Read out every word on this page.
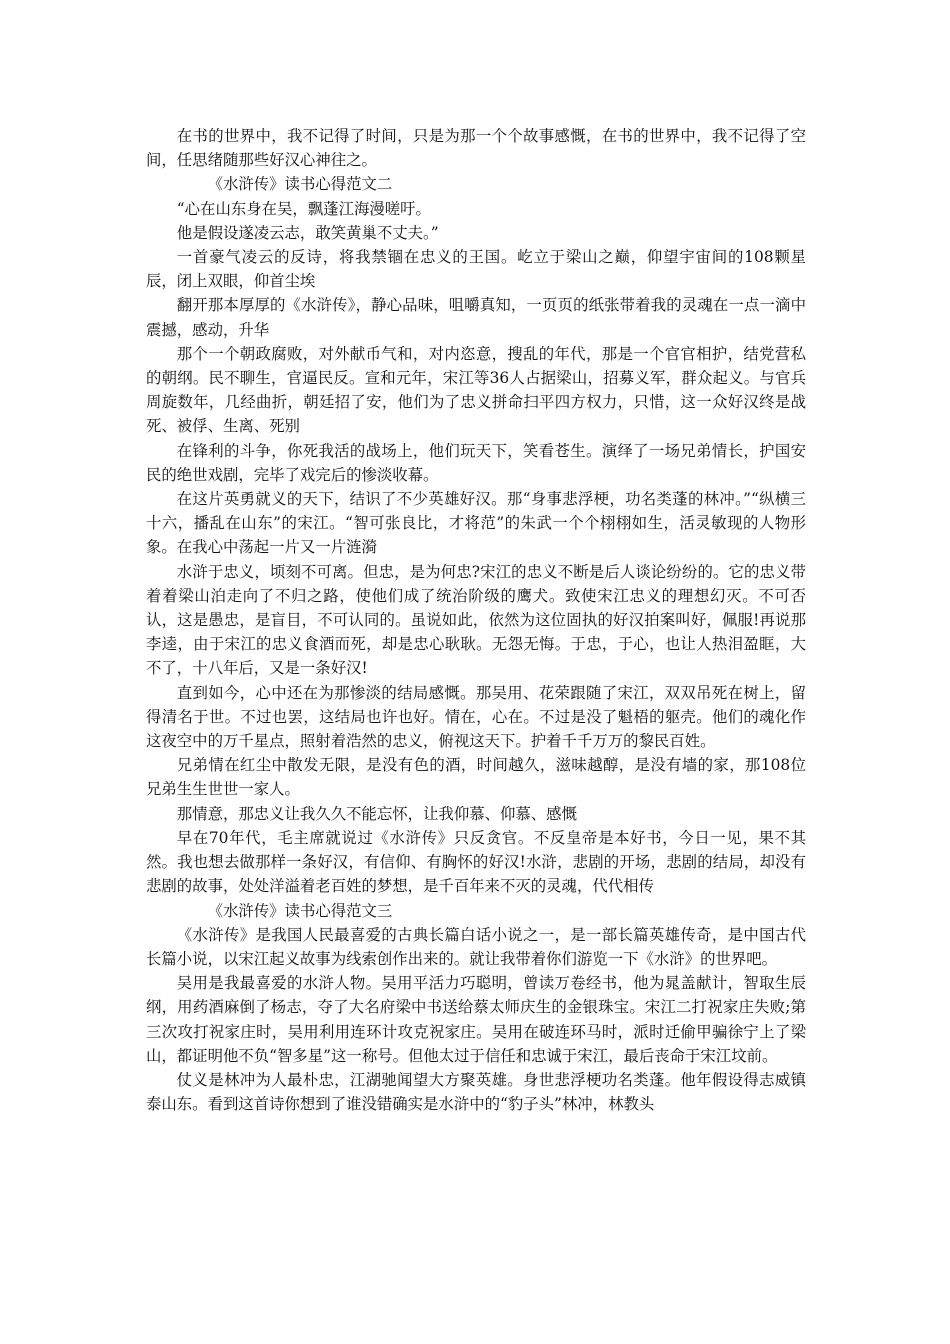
在书的世界中，我不记得了时间，只是为那一个个故事感慨，在书的世界中，我不记得了空间，任思绪随那些好汉心神往之。

《水浒传》读书心得范文二

“心在山东身在吴，飘蓬江海漫嗟吁。

他是假设遂凌云志，敢笑黄巢不丈夫。”

一首豪气凌云的反诗，将我禁锢在忠义的王国。屹立于梁山之巅，仰望宇宙间的108颗星辰，闭上双眼，仰首尘埃

翻开那本厚厚的《水浒传》，静心品味，咀嚼真知，一页页的纸张带着我的灵魂在一点一滴中震撼，感动，升华

那个一个朝政腐败，对外献币气和，对内恣意，搜乱的年代，那是一个官官相护，结党营私的朝纲。民不聊生，官逼民反。宣和元年，宋江等36人占据梁山，招募义军，群众起义。与官兵周旋数年，几经曲折，朝廷招了安，他们为了忠义拼命扫平四方权力，只惜，这一众好汉终是战死、被俘、生离、死别

在锋利的斗争，你死我活的战场上，他们玩天下，笑看苍生。演绎了一场兄弟情长，护国安民的绝世戏剧，完毕了戏完后的惨淡收幕。

在这片英勇就义的天下，结识了不少英雄好汉。那“身事悲浮梗，功名类蓬的林冲。”“纵横三十六，播乱在山东”的宋江。“智可张良比，才将范”的朱武一个个栩栩如生，活灵敏现的人物形象。在我心中荡起一片又一片涟漪

水浒于忠义，顷刻不可离。但忠，是为何忠?宋江的忠义不断是后人谈论纷纷的。它的忠义带着着梁山泊走向了不归之路，使他们成了统治阶级的鹰犬。致使宋江忠义的理想幻灭。不可否认，这是愚忠，是盲目，不可认同的。虽说如此，依然为这位固执的好汉拍案叫好，佩服!再说那李逵，由于宋江的忠义食酒而死，却是忠心耿耿。无怨无悔。于忠，于心，也让人热泪盈眶，大不了，十八年后，又是一条好汉!

直到如今，心中还在为那惨淡的结局感慨。那吴用、花荣跟随了宋江，双双吊死在树上，留得清名于世。不过也罢，这结局也许也好。情在，心在。不过是没了魁梧的躯壳。他们的魂化作这夜空中的万千星点，照射着浩然的忠义，俯视这天下。护着千千万万的黎民百姓。

兄弟情在红尘中散发无限，是没有色的酒，时间越久，滋味越醇，是没有墙的家，那108位兄弟生生世世一家人。

那情意，那忠义让我久久不能忘怀，让我仰慕、仰慕、感慨

早在70年代，毛主席就说过《水浒传》只反贪官。不反皇帝是本好书，今日一见，果不其然。我也想去做那样一条好汉，有信仰、有胸怀的好汉!水浒，悲剧的开场，悲剧的结局，却没有悲剧的故事，处处洋溢着老百姓的梦想，是千百年来不灭的灵魂，代代相传

《水浒传》读书心得范文三

《水浒传》是我国人民最喜爱的古典长篇白话小说之一，是一部长篇英雄传奇，是中国古代长篇小说，以宋江起义故事为线索创作出来的。就让我带着你们游览一下《水浒》的世界吧。

吴用是我最喜爱的水浒人物。吴用平活力巧聪明，曾读万卷经书，他为晁盖献计，智取生辰纲，用药酒麻倒了杨志，夺了大名府梁中书送给蔡太师庆生的金银珠宝。宋江二打祝家庄失败;第三次攻打祝家庄时，吴用利用连环计攻克祝家庄。吴用在破连环马时，派时迁偷甲骗徐宁上了梁山，都证明他不负“智多星”这一称号。但他太过于信任和忠诚于宋江，最后丧命于宋江坟前。

仗义是林冲为人最朴忠，江湖驰闻望大方聚英雄。身世悲浮梗功名类蓬。他年假设得志威镇泰山东。看到这首诗你想到了谁没错确实是水浒中的“豹子头”林冲，林教头
